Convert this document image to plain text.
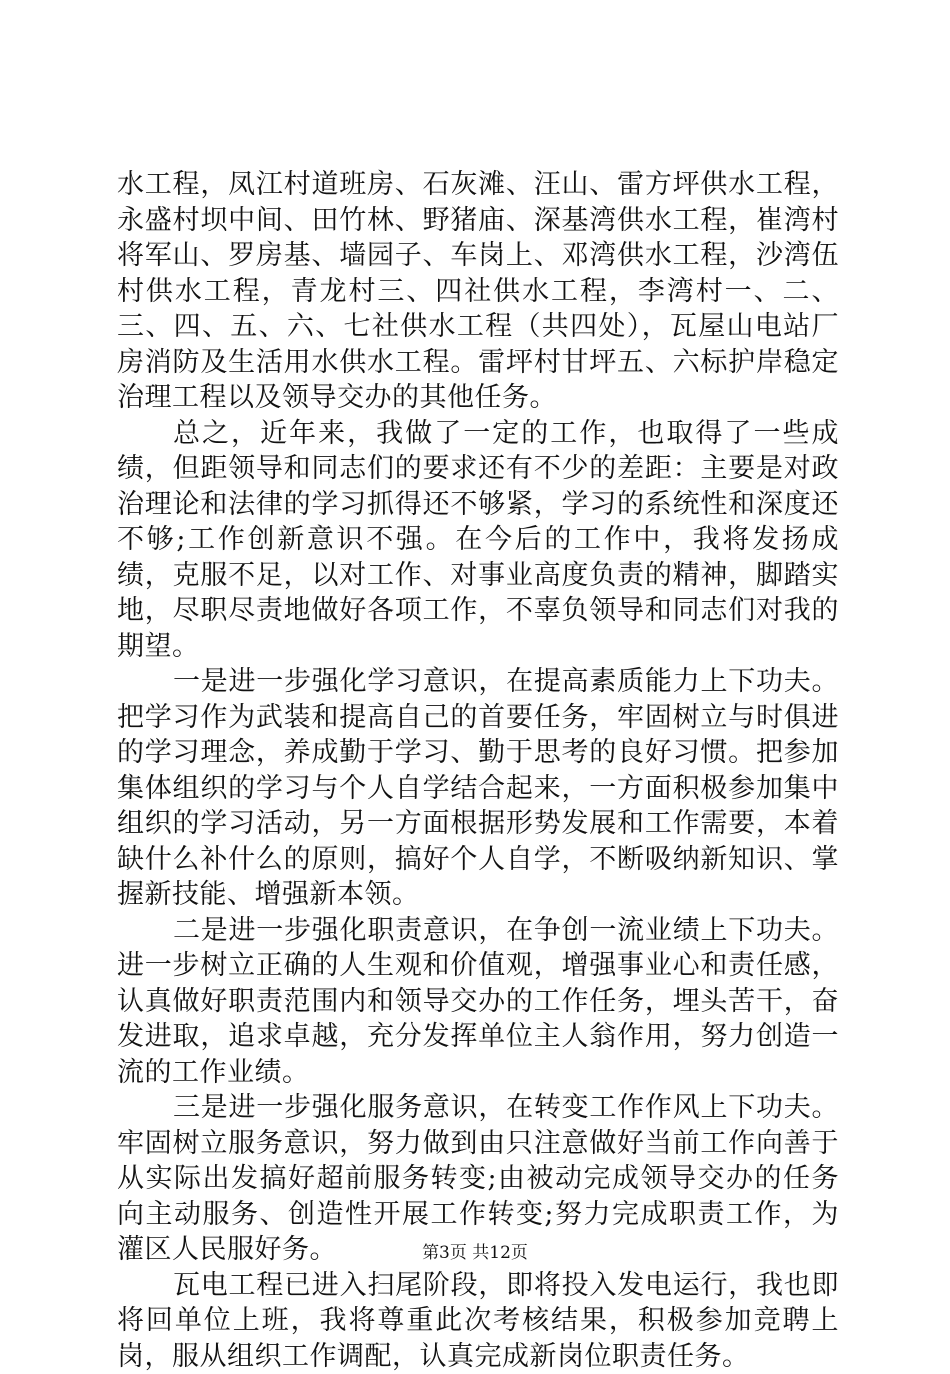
水工程，凤江村道班房、石灰滩、汪山、雷方坪供水工程，永盛村坝中间、田竹林、野猪庙、深基湾供水工程，崔湾村将军山、罗房基、墙园子、车岗上、邓湾供水工程，沙湾伍村供水工程，青龙村三、四社供水工程，李湾村一、二、三、四、五、六、七社供水工程（共四处），瓦屋山电站厂房消防及生活用水供水工程。雷坪村甘坪五、六标护岸稳定治理工程以及领导交办的其他任务。

总之，近年来，我做了一定的工作，也取得了一些成绩，但距领导和同志们的要求还有不少的差距：主要是对政治理论和法律的学习抓得还不够紧，学习的系统性和深度还不够;工作创新意识不强。在今后的工作中，我将发扬成绩，克服不足，以对工作、对事业高度负责的精神，脚踏实地，尽职尽责地做好各项工作，不辜负领导和同志们对我的期望。

一是进一步强化学习意识，在提高素质能力上下功夫。把学习作为武装和提高自己的首要任务，牢固树立与时俱进的学习理念，养成勤于学习、勤于思考的良好习惯。把参加集体组织的学习与个人自学结合起来，一方面积极参加集中组织的学习活动，另一方面根据形势发展和工作需要，本着缺什么补什么的原则，搞好个人自学，不断吸纳新知识、掌握新技能、增强新本领。

二是进一步强化职责意识，在争创一流业绩上下功夫。进一步树立正确的人生观和价值观，增强事业心和责任感，认真做好职责范围内和领导交办的工作任务，埋头苦干，奋发进取，追求卓越，充分发挥单位主人翁作用，努力创造一流的工作业绩。

三是进一步强化服务意识，在转变工作作风上下功夫。牢固树立服务意识，努力做到由只注意做好当前工作向善于从实际出发搞好超前服务转变;由被动完成领导交办的任务向主动服务、创造性开展工作转变;努力完成职责工作，为灌区人民服好务。

瓦电工程已进入扫尾阶段，即将投入发电运行，我也即将回单位上班，我将尊重此次考核结果，积极参加竞聘上岗，服从组织工作调配，认真完成新岗位职责任务。

第3页 共12页
